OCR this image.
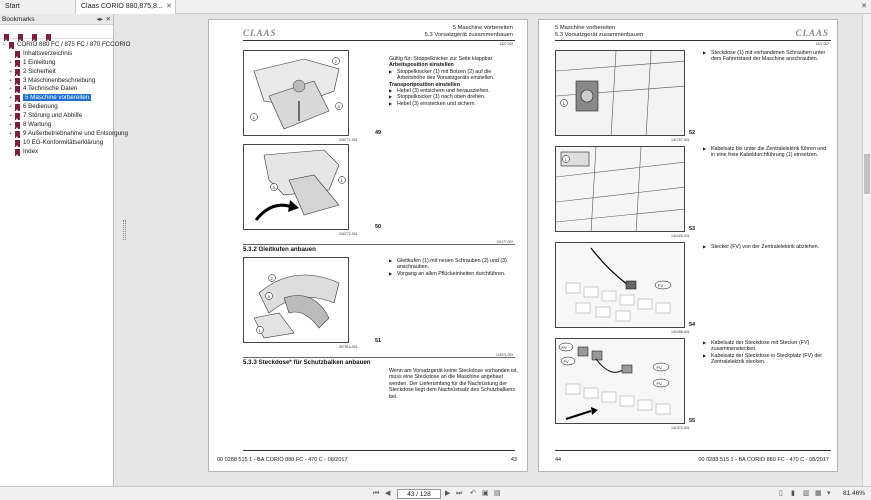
Start	Claas CORIO 880,875,8... ✕	✕
Bookmarks	◂▸ ✕
− CORIO 880 FC / 875 FC / 870 FCCORIO
Inhaltsverzeichnis
+ 1 Einleitung
+ 2 Sicherheit
+ 3 Maschinenbeschreibung
+ 4 Technische Daten
+ 5 Maschine vorbereiten
+ 6 Bedienung
+ 7 Störung und Abhilfe
+ 8 Wartung
+ 9 Außerbetriebnahme und Entsorgung
10 EG-Konformitätserklärung
Index
CLAAS	5 Maschine vorbereiten
5.3 Vorsatzgerät zusammenbauen
1827.002
1
2
3
316771-001
49
Gültig für: Stoppelknicker zur Seite klappbar
Arbeitsposition einstellen
▶ Stoppelknicker (1) mit Bolzen (2) auf die Arbeitshöhe des Vorsatzgeräts einstellen.
Transportposition einstellen
▶ Hebel (3) entsichern und herausziehen.
▶ Stoppelknicker (1) nach oben drehen.
▶ Hebel (3) einstecken und sichern.
3
1
316772-001
50
101177-002
5.3.2 Gleitkufen anbauen
2
3
1
307910-001
51
▶ Gleitkufen (1) mit neuen Schrauben (2) und (3) anschrauben.
▶ Vorgang an allen Pflückeinheiten durchführen.
141971-003
5.3.3 Steckdose* für Schutzbalken anbauen
Wenn am Vorsatzgerät keine Steckdose vorhanden ist, muss eine Steckdose an die Maschine angebaut werden. Der Lieferumfang für die Nachrüstung der Steckdose liegt dem Nachrüstsatz des Schutzbalkens bei.
00 0288 515 1 - BA CORIO 880 FC - 470 C - 08/2017	43
5 Maschine vorbereiten
5.3 Vorsatzgerät zusammenbauen	CLAAS
1827.002
1
141767-001
52
▶ Steckdose (1) mit vorhandenen Schrauben unter dem Fahrerstand der Maschine anschrauben.
1
141025-001
53
▶ Kabelsatz bis unter die Zentralelektrik führen und in eine freie Kabeldurchführung (1) einsetzen.
FV
141098-001
54
▶ Stecker (FV) von der Zentralelektrik abziehen.
FV
FV
FV
FV
141070-001
55
▶ Kabelsatz der Steckdose mit Stecker (FV) zusammenstecken.
▶ Kabelsatz der Steckdose in Steckplatz (FV) der Zentralelektrik stecken.
44	00 0288 515 1 - BA CORIO 880 FC - 470 C - 08/2017
⏮ ◀	43 / 128	▶ ⏭ ↶ ▣ ▤	▯ ▮ ▥ ▦ ▾ 81.46%
